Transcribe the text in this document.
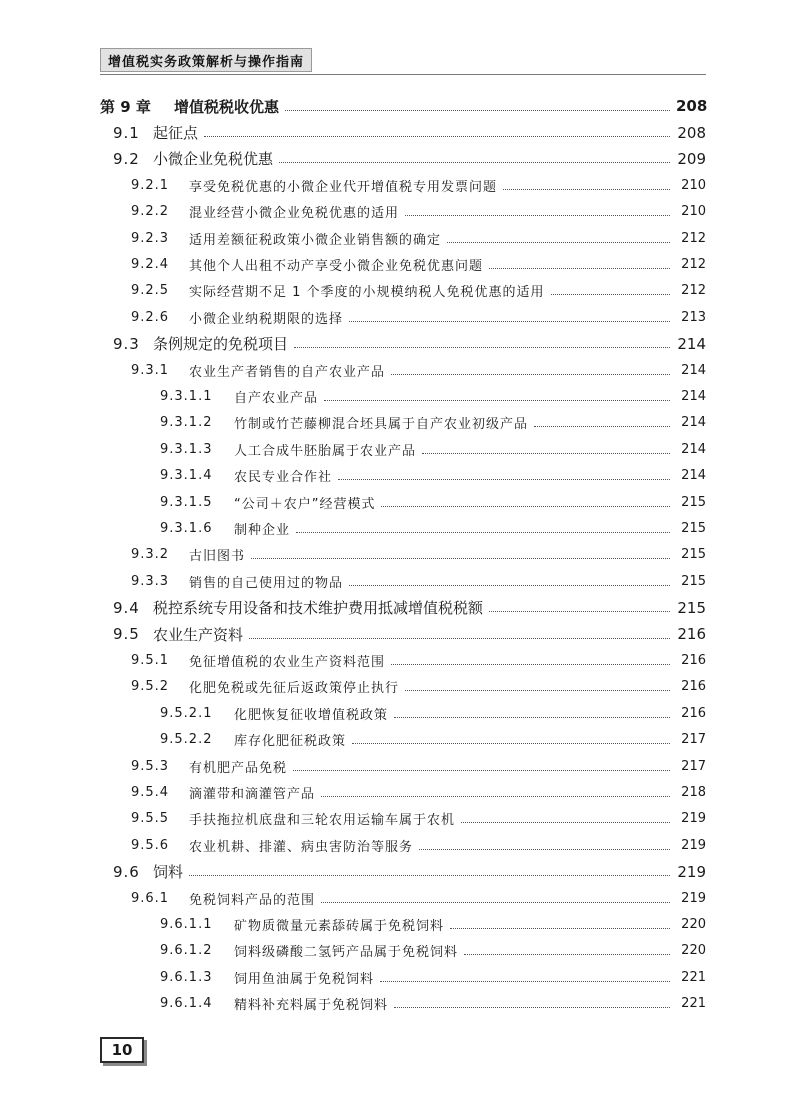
增值税实务政策解析与操作指南
第 9 章	增值税税收优惠	208
9.1 起征点	208
9.2 小微企业免税优惠	209
9.2.1	享受免税优惠的小微企业代开增值税专用发票问题	210
9.2.2	混业经营小微企业免税优惠的适用	210
9.2.3	适用差额征税政策小微企业销售额的确定	212
9.2.4	其他个人出租不动产享受小微企业免税优惠问题	212
9.2.5	实际经营期不足 1 个季度的小规模纳税人免税优惠的适用	212
9.2.6	小微企业纳税期限的选择	213
9.3 条例规定的免税项目	214
9.3.1	农业生产者销售的自产农业产品	214
9.3.1.1	自产农业产品	214
9.3.1.2	竹制或竹芒藤柳混合坯具属于自产农业初级产品	214
9.3.1.3	人工合成牛胚胎属于农业产品	214
9.3.1.4	农民专业合作社	214
9.3.1.5	“公司＋农户”经营模式	215
9.3.1.6	制种企业	215
9.3.2	古旧图书	215
9.3.3	销售的自己使用过的物品	215
9.4 税控系统专用设备和技术维护费用抵减增值税税额	215
9.5 农业生产资料	216
9.5.1	免征增值税的农业生产资料范围	216
9.5.2	化肥免税或先征后返政策停止执行	216
9.5.2.1	化肥恢复征收增值税政策	216
9.5.2.2	库存化肥征税政策	217
9.5.3	有机肥产品免税	217
9.5.4	滴灌带和滴灌管产品	218
9.5.5	手扶拖拉机底盘和三轮农用运输车属于农机	219
9.5.6	农业机耕、排灌、病虫害防治等服务	219
9.6 饲料	219
9.6.1	免税饲料产品的范围	219
9.6.1.1	矿物质微量元素舔砖属于免税饲料	220
9.6.1.2	饲料级磷酸二氢钙产品属于免税饲料	220
9.6.1.3	饲用鱼油属于免税饲料	221
9.6.1.4	精料补充料属于免税饲料	221
10
